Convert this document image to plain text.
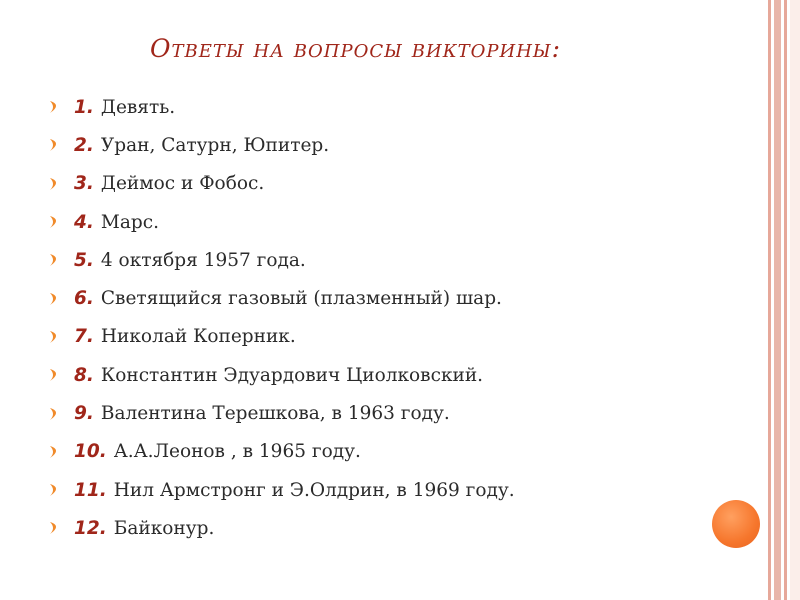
Ответы на вопросы викторины:
1. Девять.
2. Уран, Сатурн, Юпитер.
3. Деймос и Фобос.
4. Марс.
5. 4 октября 1957 года.
6. Светящийся газовый (плазменный) шар.
7. Николай Коперник.
8. Константин Эдуардович Циолковский.
9. Валентина Терешкова, в 1963 году.
10. А.А.Леонов , в 1965 году.
11. Нил Армстронг и Э.Олдрин, в 1969 году.
12. Байконур.
